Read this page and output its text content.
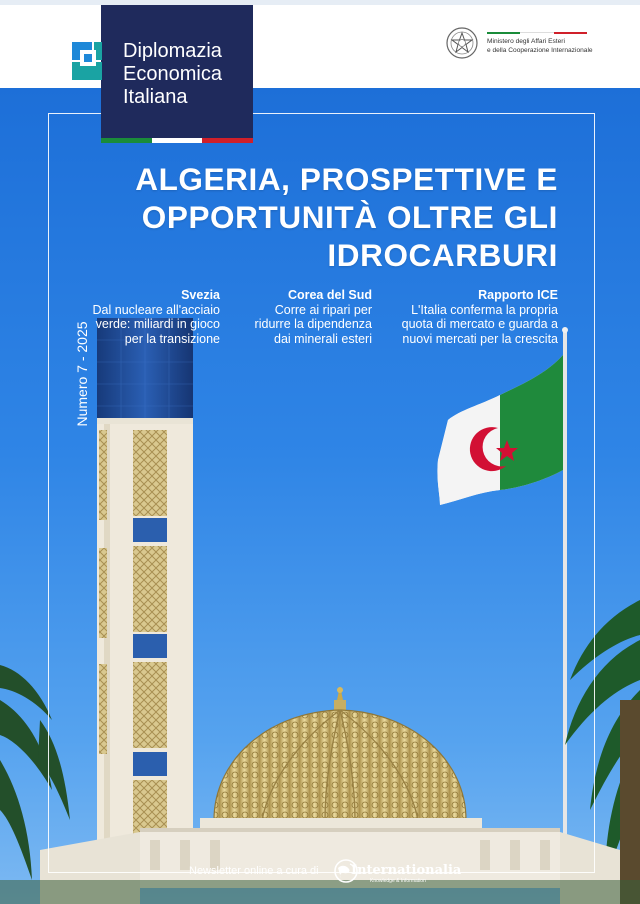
Diplomazia
Economica
Italiana
Ministero degli Affari Esteri
e della Cooperazione Internazionale
ALGERIA, PROSPETTIVE E
OPPORTUNITÀ OLTRE GLI
IDROCARBURI
Numero 7 - 2025
Svezia
Dal nucleare all'acciaio
verde: miliardi in gioco
per la transizione
Corea del Sud
Corre ai ripari per
ridurre la dipendenza
dai minerali esteri
Rapporto ICE
L'Italia conferma la propria
quota di mercato e guarda a
nuovi mercati per la crescita
Newsletter online a cura di Internationalia
Knowledge & Information
